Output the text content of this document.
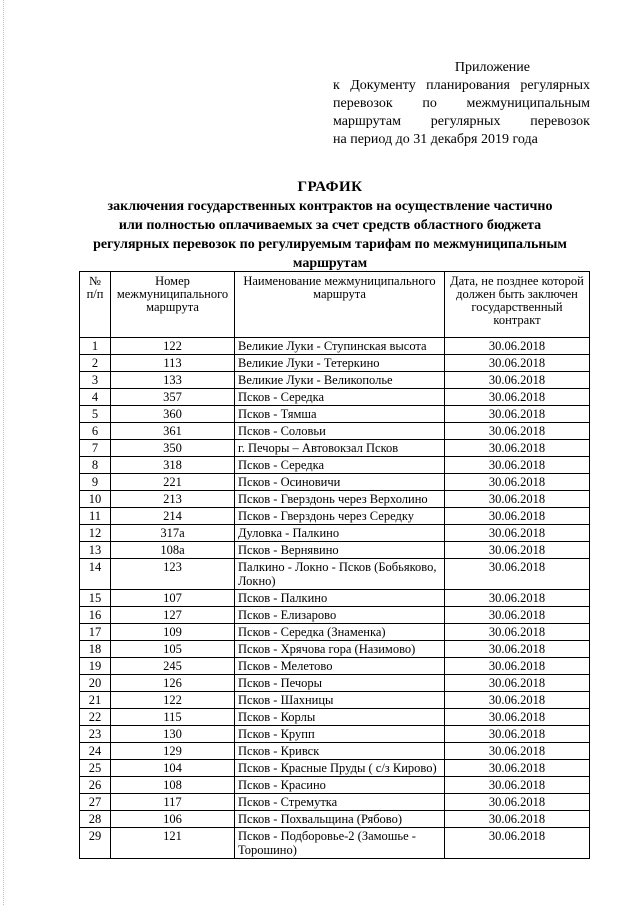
Приложение
к Документу планирования регулярных
перевозок по межмуниципальным
маршрутам регулярных перевозок
на период до 31 декабря 2019 года
ГРАФИК
заключения государственных контрактов на осуществление частично
или полностью оплачиваемых за счет средств областного бюджета
регулярных перевозок по регулируемым тарифам по межмуниципальным
маршрутам
№ п/п	Номер межмуниципального маршрута	Наименование межмуниципального маршрута	Дата, не позднее которой должен быть заключен государственный контракт
1	122	Великие Луки - Ступинская высота	30.06.2018
2	113	Великие Луки - Тетеркино	30.06.2018
3	133	Великие Луки - Великополье	30.06.2018
4	357	Псков - Середка	30.06.2018
5	360	Псков - Тямша	30.06.2018
6	361	Псков - Соловьи	30.06.2018
7	350	г. Печоры – Автовокзал Псков	30.06.2018
8	318	Псков - Середка	30.06.2018
9	221	Псков - Осиновичи	30.06.2018
10	213	Псков - Гверздонь через Верхолино	30.06.2018
11	214	Псков - Гверздонь через Середку	30.06.2018
12	317а	Дуловка - Палкино	30.06.2018
13	108а	Псков - Вернявино	30.06.2018
14	123	Палкино - Локно - Псков (Бобьяково, Локно)	30.06.2018
15	107	Псков - Палкино	30.06.2018
16	127	Псков - Елизарово	30.06.2018
17	109	Псков - Середка (Знаменка)	30.06.2018
18	105	Псков - Хрячова гора (Назимово)	30.06.2018
19	245	Псков - Мелетово	30.06.2018
20	126	Псков - Печоры	30.06.2018
21	122	Псков - Шахницы	30.06.2018
22	115	Псков - Корлы	30.06.2018
23	130	Псков - Крупп	30.06.2018
24	129	Псков - Кривск	30.06.2018
25	104	Псков - Красные Пруды ( с/з Кирово)	30.06.2018
26	108	Псков - Красино	30.06.2018
27	117	Псков - Стремутка	30.06.2018
28	106	Псков - Похвальщина (Рябово)	30.06.2018
29	121	Псков - Подборовье-2 (Замошье - Торошино)	30.06.2018
